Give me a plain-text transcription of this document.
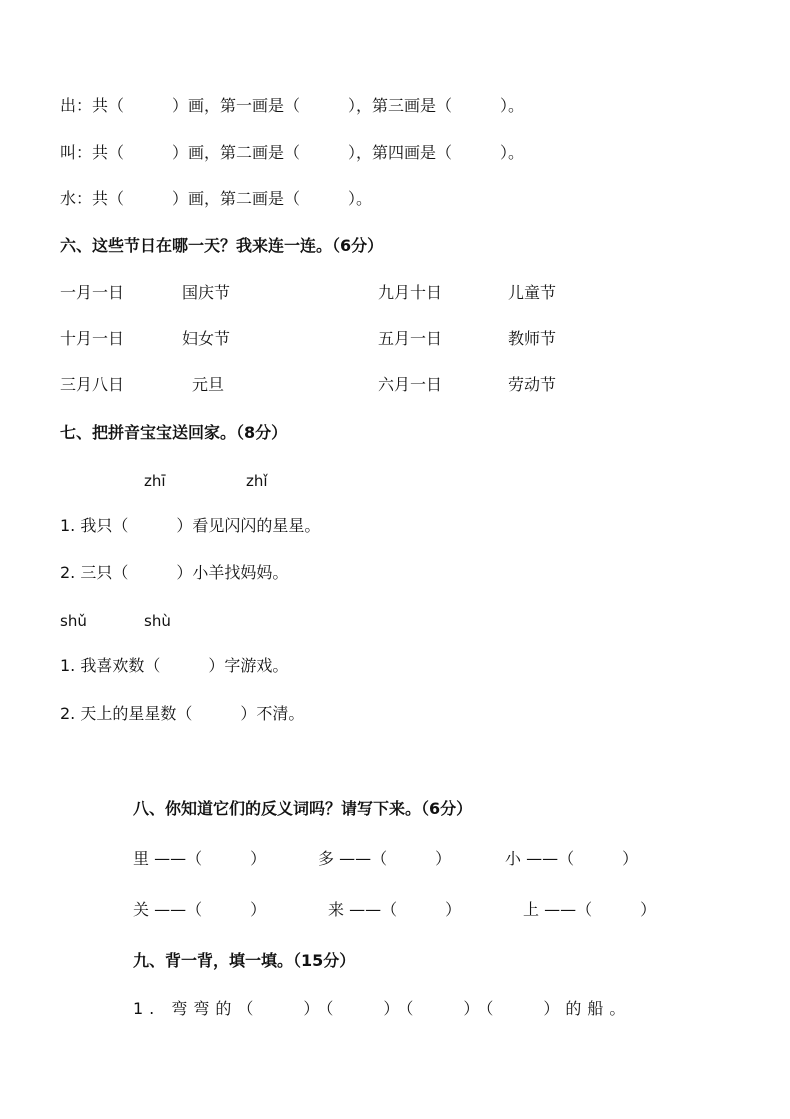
出：共（　　　）画，第一画是（　　　），第三画是（　　　）。
叫：共（　　　）画，第二画是（　　　），第四画是（　　　）。
水：共（　　　）画，第二画是（　　　）。
六、这些节日在哪一天？我来连一连。（6分）
一月一日	国庆节	九月十日	儿童节
十月一日	妇女节	五月一日	教师节
三月八日	元旦	六月一日	劳动节
七、把拼音宝宝送回家。（8分）
zhī	zhǐ
1. 我只（　　　）看见闪闪的星星。
2. 三只（　　　）小羊找妈妈。
shǔ	shù
1. 我喜欢数（　　　）字游戏。
2. 天上的星星数（　　　）不清。
八、你知道它们的反义词吗？请写下来。（6分）
里 ——（　　　）	多 ——（　　　）	小 ——（　　　）
关 ——（　　　）	来 ——（　　　）	上 ——（　　　）
九、背一背，填一填。（15分）
1. 弯弯的（　　）（　　）（　　）（　　）的船。
